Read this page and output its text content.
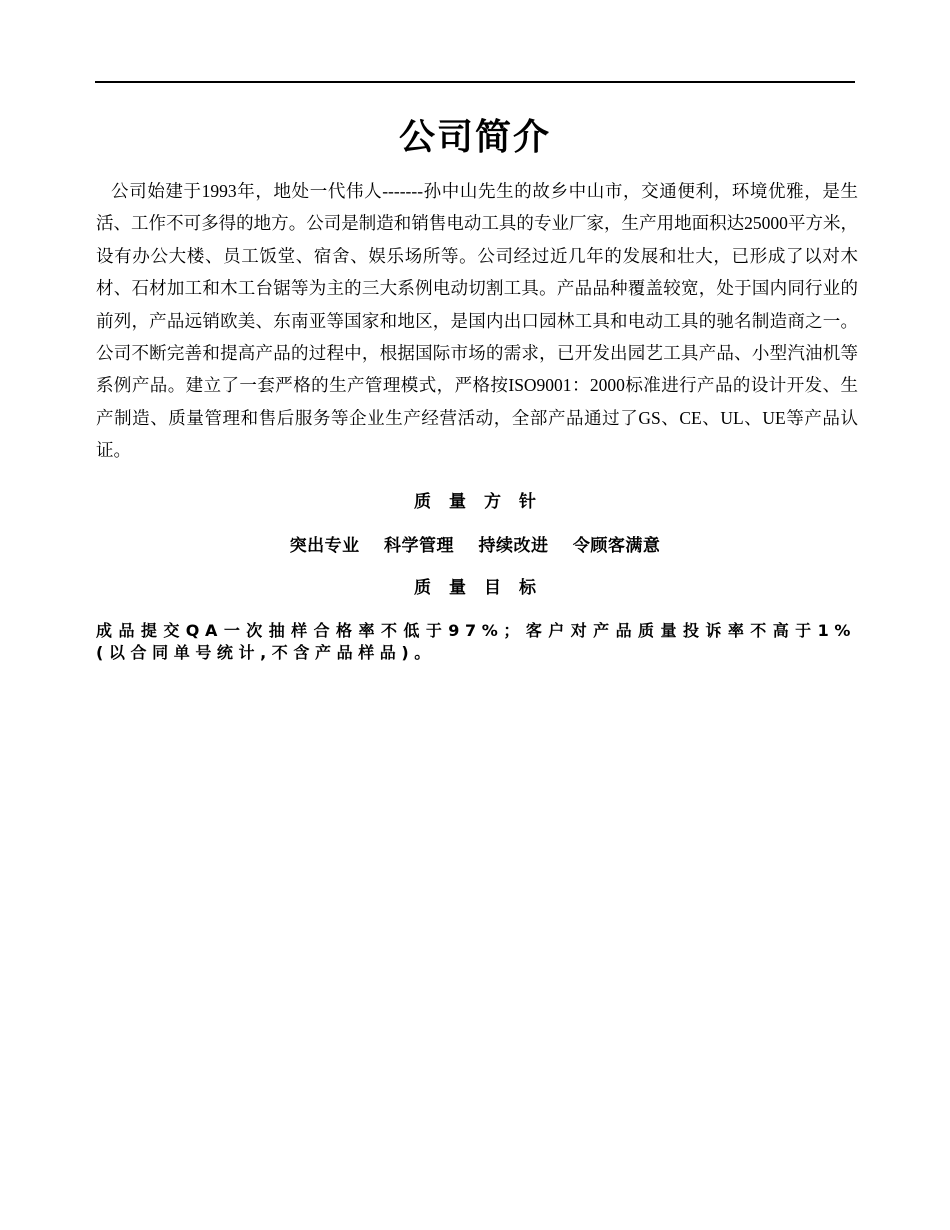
公司简介

公司始建于1993年，地处一代伟人-------孙中山先生的故乡中山市，交通便利，环境优雅，是生活、工作不可多得的地方。公司是制造和销售电动工具的专业厂家，生产用地面积达25000平方米，设有办公大楼、员工饭堂、宿舍、娱乐场所等。公司经过近几年的发展和壮大，已形成了以对木材、石材加工和木工台锯等为主的三大系例电动切割工具。产品品种覆盖较宽，处于国内同行业的前列，产品远销欧美、东南亚等国家和地区，是国内出口园林工具和电动工具的驰名制造商之一。公司不断完善和提高产品的过程中，根据国际市场的需求，已开发出园艺工具产品、小型汽油机等系例产品。建立了一套严格的生产管理模式，严格按ISO9001：2000标准进行产品的设计开发、生产制造、质量管理和售后服务等企业生产经营活动，全部产品通过了GS、CE、UL、UE等产品认证。

质量方针
突出专业 科学管理 持续改进 令顾客满意
质量目标

成品提交QA一次抽样合格率不低于97%；客户对产品质量投诉率不高于1%(以合同单号统计,不含产品样品)。
